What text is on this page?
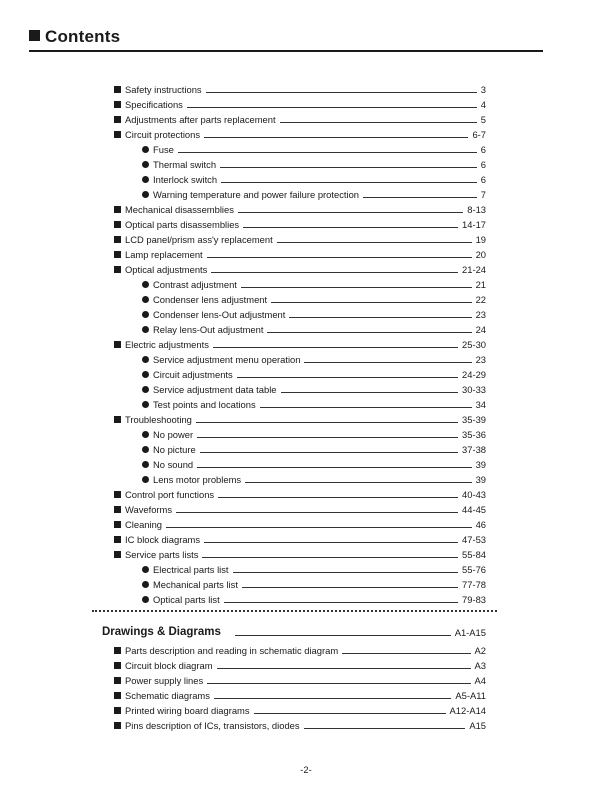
Contents
Safety instructions	3
Specifications	4
Adjustments after parts replacement	5
Circuit protections	6-7
Fuse	6
Thermal switch	6
Interlock switch	6
Warning temperature and power failure protection	7
Mechanical disassemblies	8-13
Optical parts disassemblies	14-17
LCD panel/prism ass'y replacement	19
Lamp replacement	20
Optical adjustments	21-24
Contrast adjustment	21
Condenser lens adjustment	22
Condenser lens-Out adjustment	23
Relay lens-Out adjustment	24
Electric adjustments	25-30
Service adjustment menu operation	23
Circuit adjustments	24-29
Service adjustment data table	30-33
Test points and locations	34
Troubleshooting	35-39
No power	35-36
No picture	37-38
No sound	39
Lens motor problems	39
Control port functions	40-43
Waveforms	44-45
Cleaning	46
IC block diagrams	47-53
Service parts lists	55-84
Electrical parts list	55-76
Mechanical parts list	77-78
Optical parts list	79-83
Drawings & Diagrams	A1-A15
Parts description and reading in schematic diagram	A2
Circuit block diagram	A3
Power supply lines	A4
Schematic diagrams	A5-A11
Printed wiring board diagrams	A12-A14
Pins description of ICs, transistors, diodes	A15
-2-
